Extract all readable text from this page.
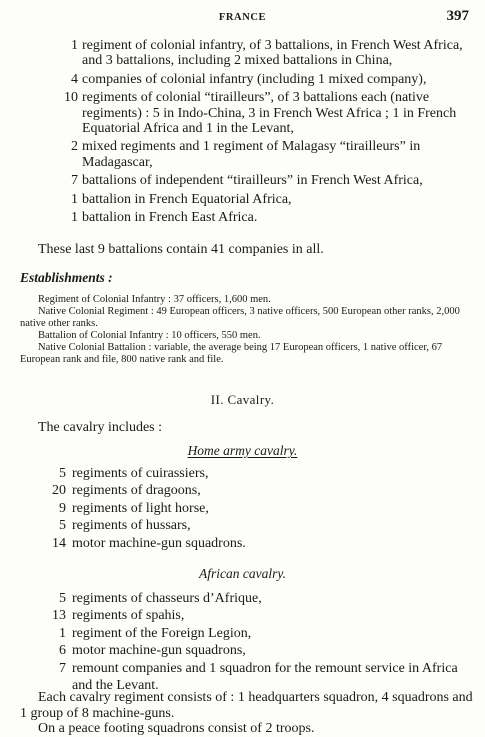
FRANCE	397
1 regiment of colonial infantry, of 3 battalions, in French West Africa, and 3 battalions, including 2 mixed battalions in China,
4 companies of colonial infantry (including 1 mixed company),
10 regiments of colonial “tirailleurs”, of 3 battalions each (native regiments) : 5 in Indo-China, 3 in French West Africa ; 1 in French Equatorial Africa and 1 in the Levant,
2 mixed regiments and 1 regiment of Malagasy “tirailleurs” in Madagascar,
7 battalions of independent “tirailleurs” in French West Africa,
1 battalion in French Equatorial Africa,
1 battalion in French East Africa.
These last 9 battalions contain 41 companies in all.
Establishments :
Regiment of Colonial Infantry : 37 officers, 1,600 men.
Native Colonial Regiment : 49 European officers, 3 native officers, 500 European other ranks, 2,000 native other ranks.
Battalion of Colonial Infantry : 10 officers, 550 men.
Native Colonial Battalion : variable, the average being 17 European officers, 1 native officer, 67 European rank and file, 800 native rank and file.
II. Cavalry.
The cavalry includes :
Home army cavalry.
5 regiments of cuirassiers,
20 regiments of dragoons,
9 regiments of light horse,
5 regiments of hussars,
14 motor machine-gun squadrons.
African cavalry.
5 regiments of chasseurs d’Afrique,
13 regiments of spahis,
1 regiment of the Foreign Legion,
6 motor machine-gun squadrons,
7 remount companies and 1 squadron for the remount service in Africa and the Levant.
Each cavalry regiment consists of : 1 headquarters squadron, 4 squadrons and 1 group of 8 machine-guns.
On a peace footing squadrons consist of 2 troops.
